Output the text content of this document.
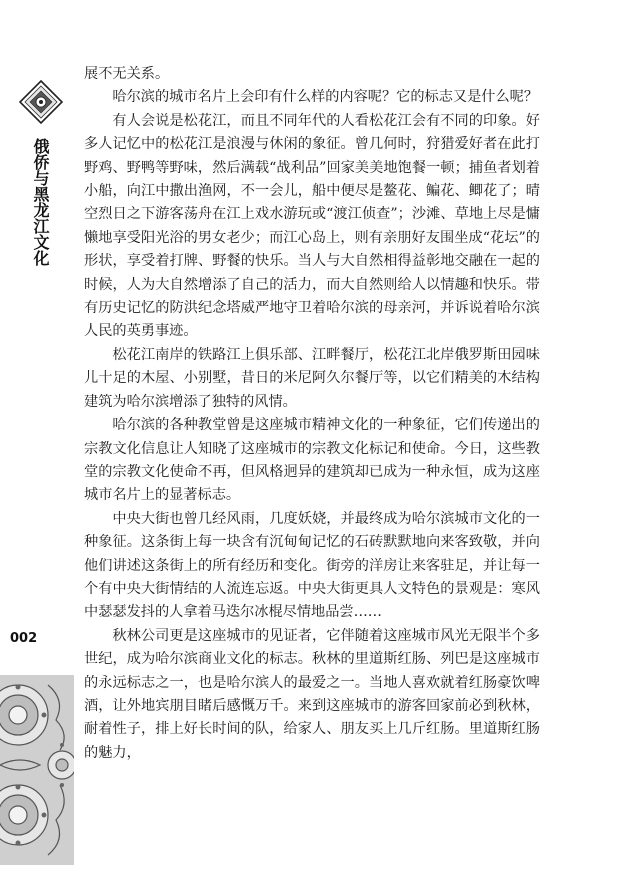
俄侨与黑龙江文化
002

展不无关系。

哈尔滨的城市名片上会印有什么样的内容呢？它的标志又是什么呢？

有人会说是松花江，而且不同年代的人看松花江会有不同的印象。好多人记忆中的松花江是浪漫与休闲的象征。曾几何时，狩猎爱好者在此打野鸡、野鸭等野味，然后满载“战利品”回家美美地饱餐一顿；捕鱼者划着小船，向江中撒出渔网，不一会儿，船中便尽是鳌花、鳊花、鲫花了；晴空烈日之下游客荡舟在江上戏水游玩或“渡江侦查”；沙滩、草地上尽是慵懒地享受阳光浴的男女老少；而江心岛上，则有亲朋好友围坐成“花坛”的形状，享受着打牌、野餐的快乐。当人与大自然相得益彰地交融在一起的时候，人为大自然增添了自己的活力，而大自然则给人以情趣和快乐。带有历史记忆的防洪纪念塔威严地守卫着哈尔滨的母亲河，并诉说着哈尔滨人民的英勇事迹。

松花江南岸的铁路江上俱乐部、江畔餐厅，松花江北岸俄罗斯田园味儿十足的木屋、小别墅，昔日的米尼阿久尔餐厅等，以它们精美的木结构建筑为哈尔滨增添了独特的风情。

哈尔滨的各种教堂曾是这座城市精神文化的一种象征，它们传递出的宗教文化信息让人知晓了这座城市的宗教文化标记和使命。今日，这些教堂的宗教文化使命不再，但风格迥异的建筑却已成为一种永恒，成为这座城市名片上的显著标志。

中央大街也曾几经风雨，几度妖娆，并最终成为哈尔滨城市文化的一种象征。这条街上每一块含有沉甸甸记忆的石砖默默地向来客致敬，并向他们讲述这条街上的所有经历和变化。街旁的洋房让来客驻足，并让每一个有中央大街情结的人流连忘返。中央大街更具人文特色的景观是：寒风中瑟瑟发抖的人拿着马迭尔冰棍尽情地品尝……

秋林公司更是这座城市的见证者，它伴随着这座城市风光无限半个多世纪，成为哈尔滨商业文化的标志。秋林的里道斯红肠、列巴是这座城市的永远标志之一，也是哈尔滨人的最爱之一。当地人喜欢就着红肠豪饮啤酒，让外地宾朋目睹后感慨万千。来到这座城市的游客回家前必到秋林，耐着性子，排上好长时间的队，给家人、朋友买上几斤红肠。里道斯红肠的魅力，
